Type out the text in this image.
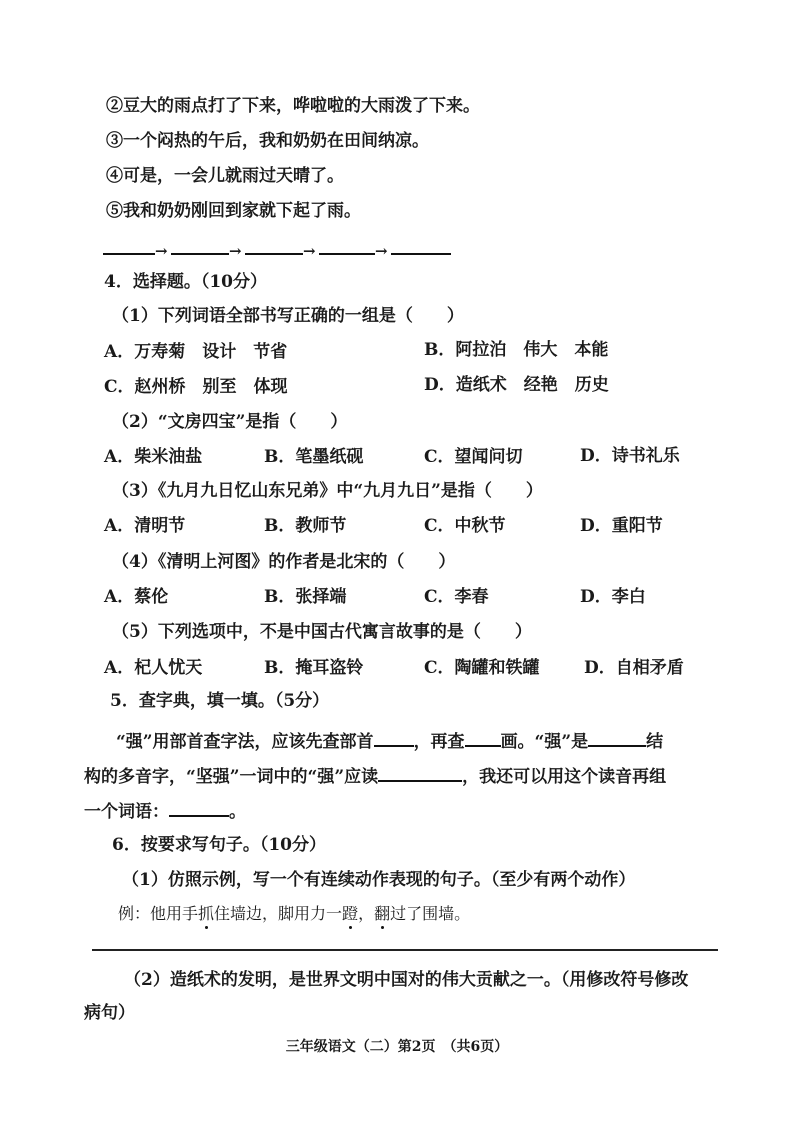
②豆大的雨点打了下来，哗啦啦的大雨泼了下来。
③一个闷热的午后，我和奶奶在田间纳凉。
④可是，一会儿就雨过天晴了。
⑤我和奶奶刚回到家就下起了雨。
→	→	→	→
4．选择题。（10分）
（1）下列词语全部书写正确的一组是（　　）
A．万寿菊　设计　节省	B．阿拉泊　伟大　本能
C．赵州桥　别至　体现	D．造纸术　经艳　历史
（2）“文房四宝”是指（　　）
A．柴米油盐	B．笔墨纸砚	C．望闻问切	D．诗书礼乐
（3）《九月九日忆山东兄弟》中“九月九日”是指（　　）
A．清明节	B．教师节	C．中秋节	D．重阳节
（4）《清明上河图》的作者是北宋的（　　）
A．蔡伦	B．张择端	C．李春	D．李白
（5）下列选项中，不是中国古代寓言故事的是（　　）
A．杞人忧天	B．掩耳盗铃	C．陶罐和铁罐	D．自相矛盾
5．查字典，填一填。（5分）
“强”用部首查字法，应该先查部首 ，再查 画。“强”是	结
构的多音字，“坚强”一词中的“强”应读	，我还可以用这个读音再组
一个词语：	。
6．按要求写句子。（10分）
（1）仿照示例，写一个有连续动作表现的句子。（至少有两个动作）
例：他用手抓住墙边，脚用力一蹬，翻过了围墙。
（2）造纸术的发明，是世界文明中国对的伟大贡献之一。（用修改符号修改
病句）
三年级语文（二）第2页　（共6页）
